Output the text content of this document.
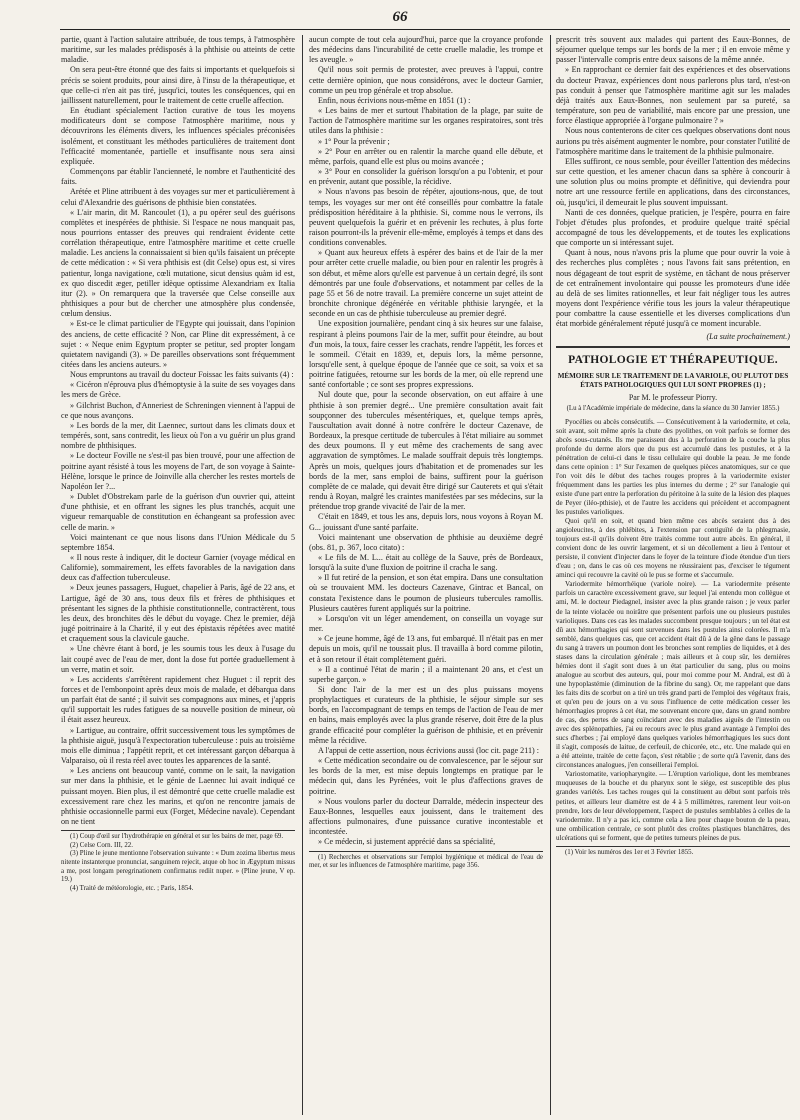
66

partie, quant à l'action salutaire attribuée, de tous temps, à l'atmosphère maritime, sur les malades prédisposés à la phthisie ou atteints de cette maladie.

On sera peut-être étonné que des faits si importants et quelquefois si précis se soient produits, pour ainsi dire, à l'insu de la thérapeutique, et que celle-ci n'en ait pas tiré, jusqu'ici, toutes les conséquences, qui en jaillissent naturellement, pour le traitement de cette cruelle affection.

En étudiant spécialement l'action curative de tous les moyens modificateurs dont se compose l'atmosphère maritime, nous y découvrirons les éléments divers, les influences spéciales préconisées isolément, et constituant les méthodes particulières de traitement dont l'efficacité momentanée, partielle et insuffisante nous sera ainsi expliquée.

Commençons par établir l'ancienneté, le nombre et l'authenticité des faits.

Arétée et Pline attribuent à des voyages sur mer et particulièrement à celui d'Alexandrie des guérisons de phthisie bien constatées.

« L'air marin, dit M. Rancoulet (1), a pu opérer seul des guérisons complètes et inespérées de phthisie. Si l'espace ne nous manquait pas, nous pourrions entasser des preuves qui rendraient évidente cette corrélation thérapeutique, entre l'atmosphère maritime et cette cruelle maladie. Les anciens la connaissaient si bien qu'ils faisaient un précepte de cette médication : « Si vera phthisis est (dit Celse) opus est, si vires patientur, longa navigatione, cœli mutatione, sicut densius quàm id est, ex quo discedit æger, petiller idèque optissime Alexandriam ex Italia itur (2). » On remarquera que la traversée que Celse conseille aux phthisiques a pour but de chercher une atmosphère plus condensée, cœlum densius.

» Est-ce le climat particulier de l'Egypte qui jouissait, dans l'opinion des anciens, de cette efficacité ? Non, car Pline dit expressément, à ce sujet : « Neque enim Egyptum propter se petitur, sed propter longam quietatem navigandi (3). » De pareilles observations sont fréquemment citées dans les anciens auteurs. »

Nous empruntons au travail du docteur Foissac les faits suivants (4) :

« Cicéron n'éprouva plus d'hémoptysie à la suite de ses voyages dans les mers de Grèce.

» Gilchrist Buchon, d'Anneriest de Schreningen viennent à l'appui de ce que nous avançons.

» Les bords de la mer, dit Laennec, surtout dans les climats doux et tempérés, sont, sans contredit, les lieux où l'on a vu guérir un plus grand nombre de phthisiques.

» Le docteur Foville ne s'est-il pas bien trouvé, pour une affection de poitrine ayant résisté à tous les moyens de l'art, de son voyage à Sainte-Hélène, lorsque le prince de Joinville alla chercher les restes mortels de Napoléon Ier ?...

» Dublet d'Obstrekam parle de la guérison d'un ouvrier qui, atteint d'une phthisie, et en offrant les signes les plus tranchés, acquit une vigueur remarquable de constitution en échangeant sa profession avec celle de marin. »

Voici maintenant ce que nous lisons dans l'Union Médicale du 5 septembre 1854.

« Il nous reste à indiquer, dit le docteur Garnier (voyage médical en Californie), sommairement, les effets favorables de la navigation dans deux cas d'affection tuberculeuse.

» Deux jeunes passagers, Huguet, chapelier à Paris, âgé de 22 ans, et Lartigue, âgé de 30 ans, tous deux fils et frères de phthisiques et présentant les signes de la phthisie constitutionnelle, contractèrent, tous les deux, des bronchites dès le début du voyage. Chez le premier, déjà jugé poitrinaire à la Charité, il y eut des épistaxis répétées avec matité et craquement sous la clavicule gauche.

» Une chèvre étant à bord, je les soumis tous les deux à l'usage du lait coupé avec de l'eau de mer, dont la dose fut portée graduellement à un verre, matin et soir.

» Les accidents s'arrêtèrent rapidement chez Huguet : il reprit des forces et de l'embonpoint après deux mois de malade, et débarqua dans un parfait état de santé ; il suivit ses compagnons aux mines, et j'appris qu'il supportait les rudes fatigues de sa nouvelle position de mineur, où il était assez heureux.

» Lartigue, au contraire, offrit successivement tous les symptômes de la phthisie aiguë, jusqu'à l'expectoration tuberculeuse : puis au troisième mois elle diminua ; l'appétit reprit, et cet intéressant garçon débarqua à Valparaiso, où il resta réel avec toutes les apparences de la santé.

» Les anciens ont beaucoup vanté, comme on le sait, la navigation sur mer dans la phthisie, et le génie de Laennec lui avait indiqué ce puissant moyen. Bien plus, il est démontré que cette cruelle maladie est excessivement rare chez les marins, et qu'on ne rencontre jamais de phthisie occasionnelle parmi eux (Forget, Médecine navale). Cependant on ne tient

(1) Coup d'œil sur l'hydrothérapie en général et sur les bains de mer, page 69.

(2) Celse Corn. III, 22.

(3) Pline le jeune mentionne l'observation suivante : « Dum zozima libertus meus nitente instanterque pronunciat, sanguinem rejecit, atque ob hoc in Ægyptum missus a me, post longam peregrinationem confirmatus rediit nuper. » (Pline jeune, V ep. 19.)

(4) Traité de météorologie, etc. ; Paris, 1854.

aucun compte de tout cela aujourd'hui, parce que la croyance profonde des médecins dans l'incurabilité de cette cruelle maladie, les trompe et les aveugle. »

Qu'il nous soit permis de protester, avec preuves à l'appui, contre cette dernière opinion, que nous considérons, avec le docteur Garnier, comme un peu trop générale et trop absolue.

Enfin, nous écrivions nous-même en 1851 (1) :

« Les bains de mer et surtout l'habitation de la plage, par suite de l'action de l'atmosphère maritime sur les organes respiratoires, sont très utiles dans la phthisie :

» 1° Pour la prévenir ;

» 2° Pour en arrêter ou en ralentir la marche quand elle débute, et même, parfois, quand elle est plus ou moins avancée ;

» 3° Pour en consolider la guérison lorsqu'on a pu l'obtenir, et pour en prévenir, autant que possible, la récidive.

» Nous n'avons pas besoin de répéter, ajoutions-nous, que, de tout temps, les voyages sur mer ont été conseillés pour combattre la fatale prédisposition héréditaire à la phthisie. Si, comme nous le verrons, ils peuvent quelquefois la guérir et en prévenir les rechutes, à plus forte raison pourront-ils la prévenir elle-même, employés à temps et dans des conditions convenables.

» Quant aux heureux effets à espérer des bains et de l'air de la mer pour arrêter cette cruelle maladie, ou bien pour en ralentir les progrès à son début, et même alors qu'elle est parvenue à un certain degré, ils sont démontrés par une foule d'observations, et notamment par celles de la page 55 et 56 de notre travail. La première concerne un sujet atteint de bronchite chronique dégénérée en véritable phthisie laryngée, et la seconde en un cas de phthisie tuberculeuse au premier degré.

Une exposition journalière, pendant cinq à six heures sur une falaise, respirant à pleins poumons l'air de la mer, suffit pour éteindre, au bout d'un mois, la toux, faire cesser les crachats, rendre l'appétit, les forces et le sommeil. C'était en 1839, et, depuis lors, la même personne, lorsqu'elle sent, à quelque époque de l'année que ce soit, sa voix et sa poitrine fatiguées, retourne sur les bords de la mer, où elle reprend une santé confortable ; ce sont ses propres expressions.

Nul doute que, pour la seconde observation, on eut affaire à une phthisie à son premier degré... Une première consultation avait fait soupçonner des tubercules mésentériques, et, quelque temps après, l'auscultation avait donné à notre confrère le docteur Cazenave, de Bordeaux, la presque certitude de tubercules à l'état miliaire au sommet des deux poumons. Il y eut même des crachements de sang avec aggravation de symptômes. Le malade souffrait depuis très longtemps. Après un mois, quelques jours d'habitation et de promenades sur les bords de la mer, sans emploi de bains, suffirent pour la guérison complète de ce malade, qui devait être dirigé sur Cauterets et qui s'était rendu à Royan, malgré les craintes manifestées par ses médecins, sur la prétendue trop grande vivacité de l'air de la mer.

C'était en 1849, et tous les ans, depuis lors, nous voyons à Royan M. G... jouissant d'une santé parfaite.

Voici maintenant une observation de phthisie au deuxième degré (obs. 81, p. 367, loco citato) :

« Le fils de M. L... était au collège de la Sauve, près de Bordeaux, lorsqu'à la suite d'une fluxion de poitrine il cracha le sang.

» Il fut retiré de la pension, et son état empira. Dans une consultation où se trouvaient MM. les docteurs Cazenave, Gintrac et Bancal, on constata l'existence dans le poumon de plusieurs tubercules ramollis. Plusieurs cautères furent appliqués sur la poitrine.

» Lorsqu'on vit un léger amendement, on conseilla un voyage sur mer.

» Ce jeune homme, âgé de 13 ans, fut embarqué. Il n'était pas en mer depuis un mois, qu'il ne toussait plus. Il travailla à bord comme pilotin, et à son retour il était complètement guéri.

» Il a continué l'état de marin ; il a maintenant 20 ans, et c'est un superbe garçon. »

Si donc l'air de la mer est un des plus puissans moyens prophylactiques et curateurs de la phthisie, le séjour simple sur ses bords, en l'accompagnant de temps en temps de l'action de l'eau de mer en bains, mais employés avec la plus grande réserve, doit être de la plus grande efficacité pour compléter la guérison de phthisie, et en prévenir même la récidive.

A l'appui de cette assertion, nous écrivions aussi (loc cit. page 211) :

« Cette médication secondaire ou de convalescence, par le séjour sur les bords de la mer, est mise depuis longtemps en pratique par le médecin qui, dans les Pyrénées, voit le plus d'affections graves de poitrine.

» Nous voulons parler du docteur Darralde, médecin inspecteur des Eaux-Bonnes, lesquelles eaux jouissent, dans le traitement des affections pulmonaires, d'une puissance curative incontestable et incontestée.

» Ce médecin, si justement apprécié dans sa spécialité,

(1) Recherches et observations sur l'emploi hygiénique et médical de l'eau de mer, et sur les influences de l'atmosphère maritime, page 356.

prescrit très souvent aux malades qui partent des Eaux-Bonnes, de séjourner quelque temps sur les bords de la mer ; il en envoie même y passer l'intervalle compris entre deux saisons de la même année.

» En rapprochant ce dernier fait des expériences et des observations du docteur Pravaz, expériences dont nous parlerons plus tard, n'est-on pas conduit à penser que l'atmosphère maritime agit sur les malades déjà traités aux Eaux-Bonnes, non seulement par sa pureté, sa température, son peu de variabilité, mais encore par une pression, une force élastique appropriée à l'organe pulmonaire ? »

Nous nous contenterons de citer ces quelques observations dont nous aurions pu très aisément augmenter le nombre, pour constater l'utilité de l'atmosphère maritime dans le traitement de la phthisie pulmonaire.

Elles suffiront, ce nous semble, pour éveiller l'attention des médecins sur cette question, et les amener chacun dans sa sphère à concourir à une solution plus ou moins prompte et définitive, qui deviendra pour notre art une ressource fertile en applications, dans des circonstances, où, jusqu'ici, il demeurait le plus souvent impuissant.

Nanti de ces données, quelque praticien, je l'espère, pourra en faire l'objet d'études plus profondes, et produire quelque traité spécial accompagné de tous les développements, et de toutes les explications que comporte un si intéressant sujet.

Quant à nous, nous n'avons pris la plume que pour ouvrir la voie à des recherches plus complètes ; nous l'avons fait sans prétention, en nous dégageant de tout esprit de système, en tâchant de nous préserver de cet entraînement involontaire qui pousse les promoteurs d'une idée au delà de ses limites rationnelles, et leur fait négliger tous les autres moyens dont l'expérience vérifie tous les jours la valeur thérapeutique pour combattre la cause essentielle et les diverses complications d'un état morbide généralement réputé jusqu'à ce moment incurable.

(La suite prochainement.)
PATHOLOGIE ET THÉRAPEUTIQUE.
MÉMOIRE SUR LE TRAITEMENT DE LA VARIOLE, OU PLUTOT DES ÉTATS PATHOLOGIQUES QUI LUI SONT PROPRES (1) ;
Par M. le professeur Piorry.
(Lu à l'Académie impériale de médecine, dans la séance du 30 Janvier 1855.)

Pyocélies ou abcès consécutifs. — Consécutivement à la variodermite, et cela, soit avant, soit même après la chute des pyolithes, on voit parfois se former des abcès sous-cutanés. Ils me paraissent dus à la perforation de la couche la plus profonde du derme alors que du pus est accumulé dans les pustules, et à la pénétration de celui-ci dans le tissu cellulaire qui double la peau. Je me fonde dans cette opinion : 1° Sur l'examen de quelques pièces anatomiques, sur ce que l'on voit dès le début des taches rouges propres à la variodermite exister fréquemment dans les parties les plus internes du derme ; 2° sur l'analogie qui existe d'une part entre la perforation du péritoine à la suite de la lésion des plaques de Peyer (iléo-pthisie), et de l'autre les accidens qui précèdent et accompagnent les pustules varioliques.

Quoi qu'il en soit, et quand bien même ces abcès seraient dus à des angioleucites, à des phlébites, à l'extension par contiguïté de la phlegmasie, toujours est-il qu'ils doivent être traités comme tout autre abcès. En général, il convient donc de les ouvrir largement, et si un décollement a lieu à l'entour et persiste, il convient d'injecter dans le foyer de la teinture d'iode étendue d'un tiers d'eau ; on, dans le cas où ces moyens ne réussiraient pas, d'exciser le tégument aminci qui recouvre la cavité où le pus se forme et s'accumule.

Variodermite hémorrhéique (variole noire). — La variodermite présente parfois un caractère excessivement grave, sur lequel j'ai entendu mon collègue et ami, M. le docteur Piedagnel, insister avec la plus grande raison ; je veux parler de la teinte violacée ou noirâtre que présentent parfois une ou plusieurs pustules varioliques. Dans ces cas les malades succombent presque toujours ; un tel état est dû aux hémorrhagies qui sont survenues dans les pustules ainsi colorées. Il m'a semblé, dans quelques cas, que cet accident était dû à de la gêne dans le passage du sang à travers un poumon dont les bronches sont remplies de liquides, et à des stases dans la circulation générale ; mais ailleurs et à coup sûr, les dernières hémies dont il s'agit sont dues à un état particulier du sang, plus ou moins analogue au scorbut des auteurs, qui, pour moi comme pour M. Andral, est dû à une hypoplastémie (diminution de la fibrine du sang). Or, me rappelant que dans les faits dits de scorbut on a tiré un très grand parti de l'emploi des végétaux frais, et qu'en peu de jours on a vu sous l'influence de cette médication cesser les hémorrhagies propres à cet état, me souvenant encore que, dans un grand nombre de cas, des pertes de sang coïncidant avec des maladies aiguës de l'intestin ou avec des splénopathies, j'ai eu recours avec le plus grand avantage à l'emploi des sucs d'herbes ; j'ai employé dans quelques varioles hémorrhagiques les sucs dont il s'agit, composés de laitue, de cerfeuil, de chicorée, etc., etc. Une malade qui en a été atteinte, traitée de cette façon, s'est rétablie ; de sorte qu'à l'avenir, dans des circonstances analogues, j'en conseillerai l'emploi.

Variostomatite, variopharyngite. — L'éruption variolique, dont les membranes muqueuses de la bouche et du pharynx sont le siége, est susceptible des plus grandes variétés. Les taches rouges qui la constituent au début sont parfois très petites, et ailleurs leur diamètre est de 4 à 5 millimètres, rarement leur voit-on prendre, lors de leur développement, l'aspect de pustules semblables à celles de la variodermite. Il n'y a pas ici, comme cela a lieu pour chaque bouton de la peau, une ombilication centrale, ce sont plutôt des croûtes plastiques blanchâtres, des ulcérations qui se forment, que de petites tumeurs pleines de pus.

(1) Voir les numéros des 1er et 3 Février 1855.
